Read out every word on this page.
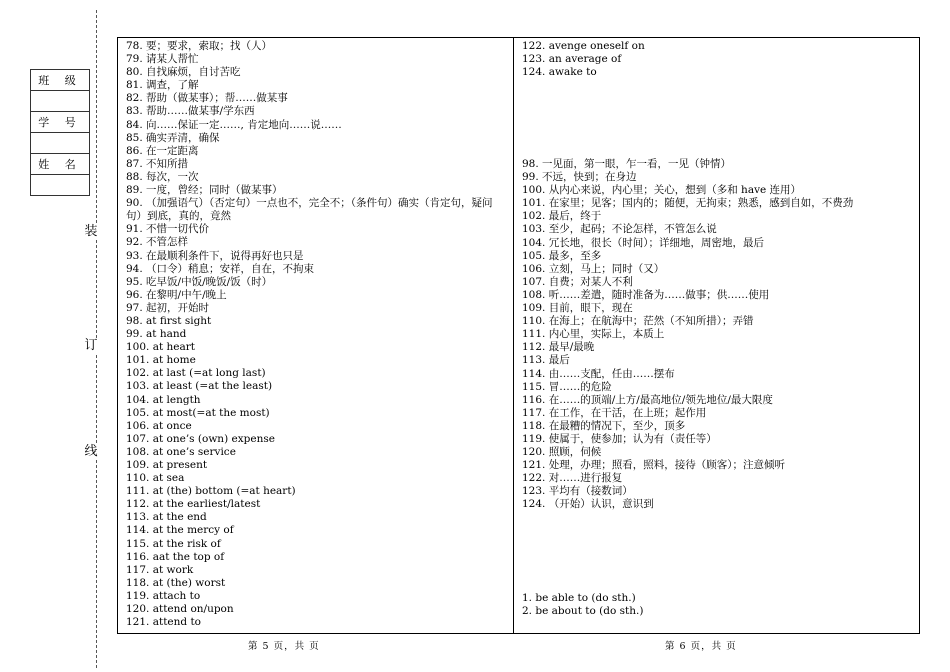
装
订
线
班 级

学 号

姓 名

78. 要；要求，索取；找（人）
79. 请某人帮忙
80. 自找麻烦，自讨苦吃
81. 调查，了解
82. 帮助（做某事）；帮……做某事
83. 帮助……做某事/学东西
84. 向……保证一定……, 肯定地向……说……
85. 确实弄清，确保
86. 在一定距离
87. 不知所措
88. 每次，一次
89. 一度，曾经；同时（做某事）
90. （加强语气）（否定句）一点也不，完全不；（条件句）确实（肯定句，疑问句）到底，真的，竟然
91. 不惜一切代价
92. 不管怎样
93. 在最顺利条件下，说得再好也只是
94. （口令）稍息；安祥，自在，不拘束
95. 吃早饭/中饭/晚饭/饭（时）
96. 在黎明/中午/晚上
97. 起初，开始时
98. at first sight
99. at hand
100. at heart
101. at home
102. at last (=at long last)
103. at least (=at the least)
104. at length
105. at most(=at the most)
106. at once
107. at one’s (own) expense
108. at one’s service
109. at present
110. at sea
111. at (the) bottom (=at heart)
112. at the earliest/latest
113. at the end
114. at the mercy of
115. at the risk of
116. aat the top of
117. at work
118. at (the) worst
119. attach to
120. attend on/upon
121. attend to
122. avenge oneself on
123. an average of
124. awake to
98. 一见面，第一眼，乍一看，一见（钟情）
99. 不远，快到；在身边
100. 从内心来说，内心里；关心，想到（多和 have 连用）
101. 在家里；见客；国内的；随便，无拘束；熟悉，感到自如，不费劲
102. 最后，终于
103. 至少，起码；不论怎样，不管怎么说
104. 冗长地，很长（时间）；详细地，周密地，最后
105. 最多，至多
106. 立刻，马上；同时（又）
107. 自费；对某人不利
108. 听……差遣，随时准备为……做事；供……使用
109. 目前，眼下，现在
110. 在海上；在航海中；茫然（不知所措）；弄错
111. 内心里，实际上，本质上
112. 最早/最晚
113. 最后
114. 由……支配，任由……摆布
115. 冒……的危险
116. 在……的顶端/上方/最高地位/领先地位/最大限度
117. 在工作，在干活，在上班；起作用
118. 在最糟的情况下，至少，顶多
119. 使属于，使参加；认为有（责任等）
120. 照顾，伺候
121. 处理，办理；照看，照料，接待（顾客）；注意倾听
122. 对……进行报复
123. 平均有（接数词）
124. （开始）认识，意识到
1. be able to (do sth.)
2. be about to (do sth.)
第 5 页，共 页	第 6 页，共 页
